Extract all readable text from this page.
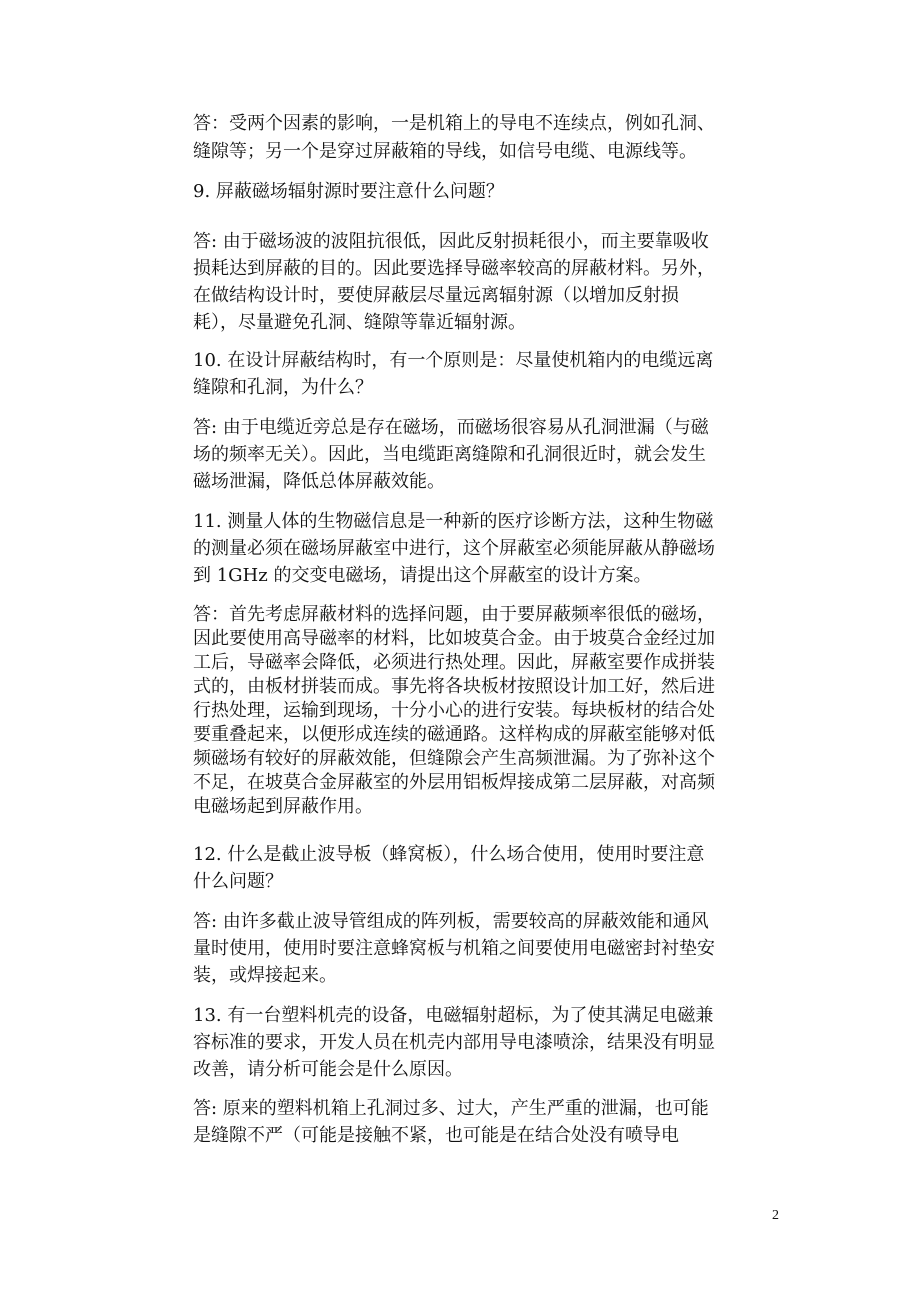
答：受两个因素的影响，一是机箱上的导电不连续点，例如孔洞、
缝隙等；另一个是穿过屏蔽箱的导线，如信号电缆、电源线等。
9. 屏蔽磁场辐射源时要注意什么问题？
答: 由于磁场波的波阻抗很低，因此反射损耗很小，而主要靠吸收
损耗达到屏蔽的目的。因此要选择导磁率较高的屏蔽材料。另外，
在做结构设计时，要使屏蔽层尽量远离辐射源（以增加反射损
耗），尽量避免孔洞、缝隙等靠近辐射源。
10. 在设计屏蔽结构时，有一个原则是：尽量使机箱内的电缆远离
缝隙和孔洞，为什么？
答: 由于电缆近旁总是存在磁场，而磁场很容易从孔洞泄漏（与磁
场的频率无关）。因此，当电缆距离缝隙和孔洞很近时，就会发生
磁场泄漏，降低总体屏蔽效能。
11. 测量人体的生物磁信息是一种新的医疗诊断方法，这种生物磁
的测量必须在磁场屏蔽室中进行，这个屏蔽室必须能屏蔽从静磁场
到 1GHz 的交变电磁场，请提出这个屏蔽室的设计方案。
答：首先考虑屏蔽材料的选择问题，由于要屏蔽频率很低的磁场，
因此要使用高导磁率的材料，比如坡莫合金。由于坡莫合金经过加
工后，导磁率会降低，必须进行热处理。因此，屏蔽室要作成拼装
式的，由板材拼装而成。事先将各块板材按照设计加工好，然后进
行热处理，运输到现场，十分小心的进行安装。每块板材的结合处
要重叠起来，以便形成连续的磁通路。这样构成的屏蔽室能够对低
频磁场有较好的屏蔽效能，但缝隙会产生高频泄漏。为了弥补这个
不足，在坡莫合金屏蔽室的外层用铝板焊接成第二层屏蔽，对高频
电磁场起到屏蔽作用。
12. 什么是截止波导板（蜂窝板），什么场合使用，使用时要注意
什么问题？
答: 由许多截止波导管组成的阵列板，需要较高的屏蔽效能和通风
量时使用，使用时要注意蜂窝板与机箱之间要使用电磁密封衬垫安
装，或焊接起来。
13. 有一台塑料机壳的设备，电磁辐射超标，为了使其满足电磁兼
容标准的要求，开发人员在机壳内部用导电漆喷涂，结果没有明显
改善，请分析可能会是什么原因。
答: 原来的塑料机箱上孔洞过多、过大，产生严重的泄漏，也可能
是缝隙不严（可能是接触不紧，也可能是在结合处没有喷导电
2
